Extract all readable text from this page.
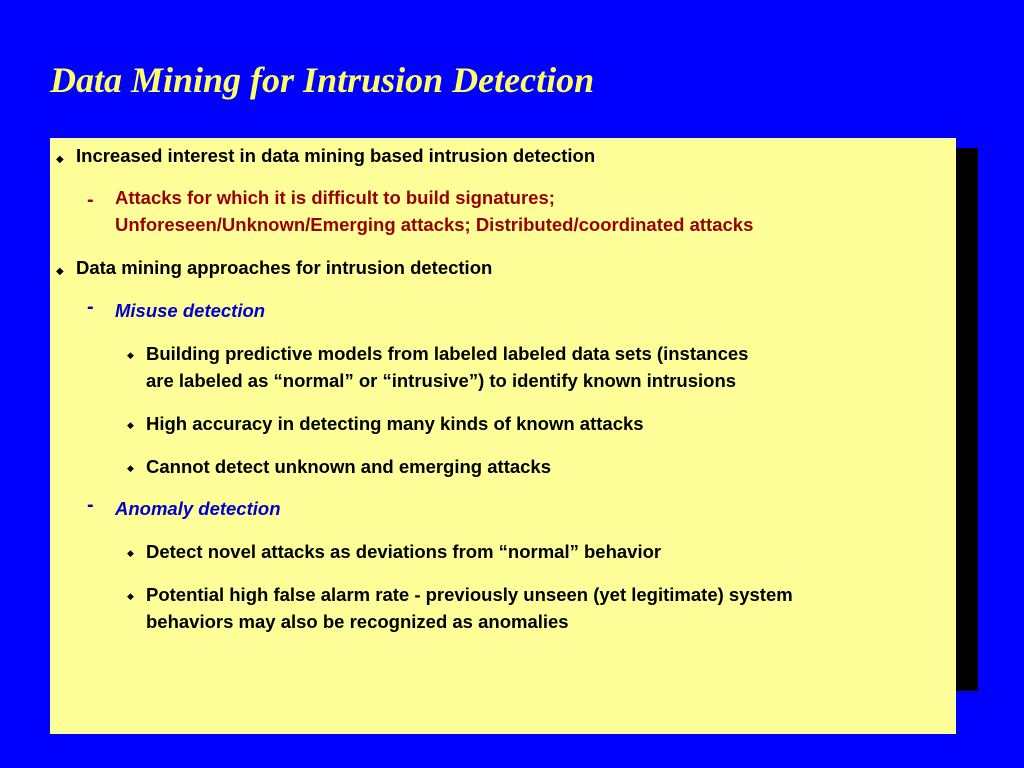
Data Mining for Intrusion Detection
◆ Increased interest in data mining based intrusion detection
- Attacks for which it is difficult to build signatures;
Unforeseen/Unknown/Emerging attacks; Distributed/coordinated attacks
◆ Data mining approaches for intrusion detection
- Misuse detection
◆ Building predictive models from labeled labeled data sets (instances
are labeled as “normal” or “intrusive”) to identify known intrusions
◆ High accuracy in detecting many kinds of known attacks
◆ Cannot detect unknown and emerging attacks
- Anomaly detection
◆ Detect novel attacks as deviations from “normal” behavior
◆ Potential high false alarm rate - previously unseen (yet legitimate) system
behaviors may also be recognized as anomalies
